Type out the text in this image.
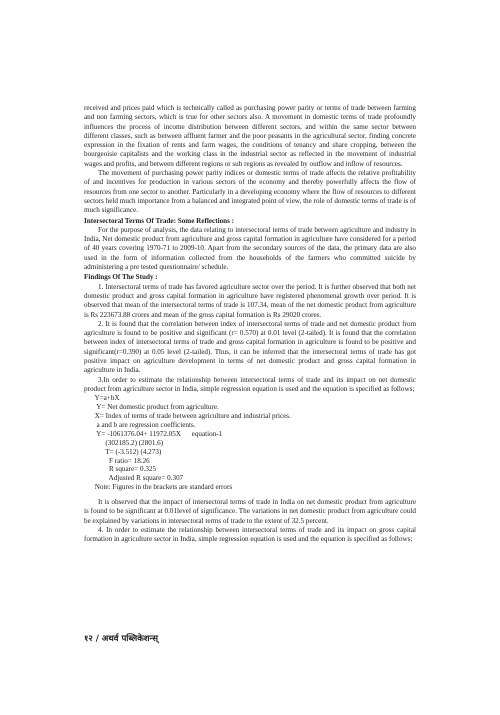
received and prices paid which is technically called as purchasing power parity or terms of trade between farming and non farming sectors, which is true for other sectors also. A movement in domestic terms of trade profoundly influences the process of income distribution between different sectors, and within the same sector between different classes, such as between affluent farmer and the poor peasants in the agricultural sector, finding concrete expression in the fixation of rents and farm wages, the conditions of tenancy and share cropping, between the bourgeoisie capitalists and the working class in the industrial sector as reflected in the movement of industrial wages and profits, and between different regions or sub regions as revealed by outflow and inflow of resources.

The movement of purchasing power parity indices or domestic terms of trade affects the relative profitability of and incentives for production in various sectors of the economy and thereby powerfully affects the flow of resources from one sector to another. Particularly in a developing economy where the flow of resources to different sectors held much importance from a balanced and integrated point of view, the role of domestic terms of trade is of much significance.

Intersectoral Terms Of Trade: Some Reflections :

For the purpose of analysis, the data relating to intersectoral terms of trade between agriculture and industry in India, Net domestic product from agriculture and gross capital formation in agriculture have considered for a period of 40 years covering 1970-71 to 2009-10. Apart from the secondary sources of the data, the primary data are also used in the form of information collected from the households of the farmers who committed suicide by administering a pre tested questionnaire/ schedule.

Findings Of The Study :

1. Intersectoral terms of trade has favored agriculture sector over the period. It is further observed that both net domestic product and gross capital formation in agriculture have registered phenomenal growth over period. It is observed that mean of the intersectoral terms of trade is 107.34, mean of the net domestic product from agriculture is Rs 223673.88 crores and mean of the gross capital formation is Rs 29020 crores.

2. It is found that the correlation between index of intersectoral terms of trade and net domestic product from agriculture is found to be positive and significant (r= 0.570) at 0.01 level (2-tailed). It is found that the correlation between index of intersectoral terms of trade and gross capital formation in agriculture is found to be positive and significant(r=0.390) at 0.05 level (2-tailed). Thus, it can be inferred that the intersectoral terms of trade has got positive impact on agriculture development in terms of net domestic product and gross capital formation in agriculture in India.

3.In order to estimate the relationship between intersectoral terms of trade and its impact on net domestic product from agriculture sector in India, simple regression equation is used and the equation is specified as follows;

Y=a+bX
Y= Net domestic product from agriculture.
X= Index of terms of trade between agriculture and industrial prices.
a and b are regression coefficients.
Y= -1061376.04+ 11972.05X      equation-1
(302185.2) (2801.6)
T= (-3.512) (4.273)
F ratio= 18.26
R square= 0.325
Adjusted R square= 0.307
Note: Figures in the brackets are standard errors

It is observed that the impact of intersectoral terms of trade in India on net domestic product from agriculture is found to be significant at 0.01level of significance. The variations in net domestic product from agriculture could be explained by variations in intersectoral terms of trade to the extent of 32.5 percent.

4. In order to estimate the relationship between intersectoral terms of trade and its impact on gross capital formation in agriculture sector in India, simple regression equation is used and the equation is specified as follows;

१२ / अथर्व पब्लिकेशन्स्
